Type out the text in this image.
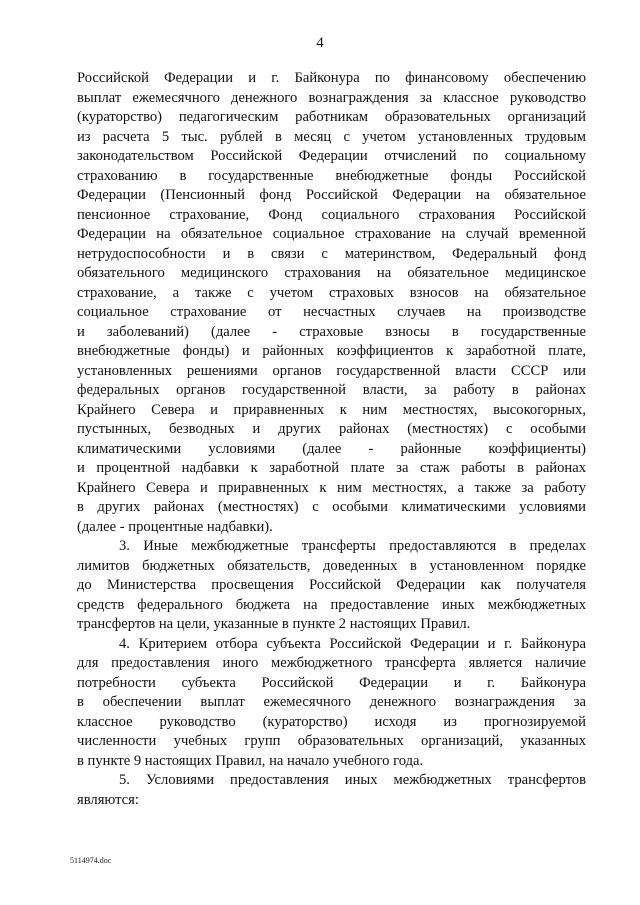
4
Российской Федерации и г. Байконура по финансовому обеспечению
выплат ежемесячного денежного вознаграждения за классное руководство
(кураторство) педагогическим работникам образовательных организаций
из расчета 5 тыс. рублей в месяц с учетом установленных трудовым
законодательством Российской Федерации отчислений по социальному
страхованию в государственные внебюджетные фонды Российской
Федерации (Пенсионный фонд Российской Федерации на обязательное
пенсионное страхование, Фонд социального страхования Российской
Федерации на обязательное социальное страхование на случай временной
нетрудоспособности и в связи с материнством, Федеральный фонд
обязательного медицинского страхования на обязательное медицинское
страхование, а также с учетом страховых взносов на обязательное
социальное страхование от несчастных случаев на производстве
и заболеваний) (далее - страховые взносы в государственные
внебюджетные фонды) и районных коэффициентов к заработной плате,
установленных решениями органов государственной власти СССР или
федеральных органов государственной власти, за работу в районах
Крайнего Севера и приравненных к ним местностях, высокогорных,
пустынных, безводных и других районах (местностях) с особыми
климатическими условиями (далее - районные коэффициенты)
и процентной надбавки к заработной плате за стаж работы в районах
Крайнего Севера и приравненных к ним местностях, а также за работу
в других районах (местностях) с особыми климатическими условиями
(далее - процентные надбавки).
3. Иные межбюджетные трансферты предоставляются в пределах
лимитов бюджетных обязательств, доведенных в установленном порядке
до Министерства просвещения Российской Федерации как получателя
средств федерального бюджета на предоставление иных межбюджетных
трансфертов на цели, указанные в пункте 2 настоящих Правил.
4. Критерием отбора субъекта Российской Федерации и г. Байконура
для предоставления иного межбюджетного трансферта является наличие
потребности субъекта Российской Федерации и г. Байконура
в обеспечении выплат ежемесячного денежного вознаграждения за
классное руководство (кураторство) исходя из прогнозируемой
численности учебных групп образовательных организаций, указанных
в пункте 9 настоящих Правил, на начало учебного года.
5. Условиями предоставления иных межбюджетных трансфертов
являются:
5114974.doc
